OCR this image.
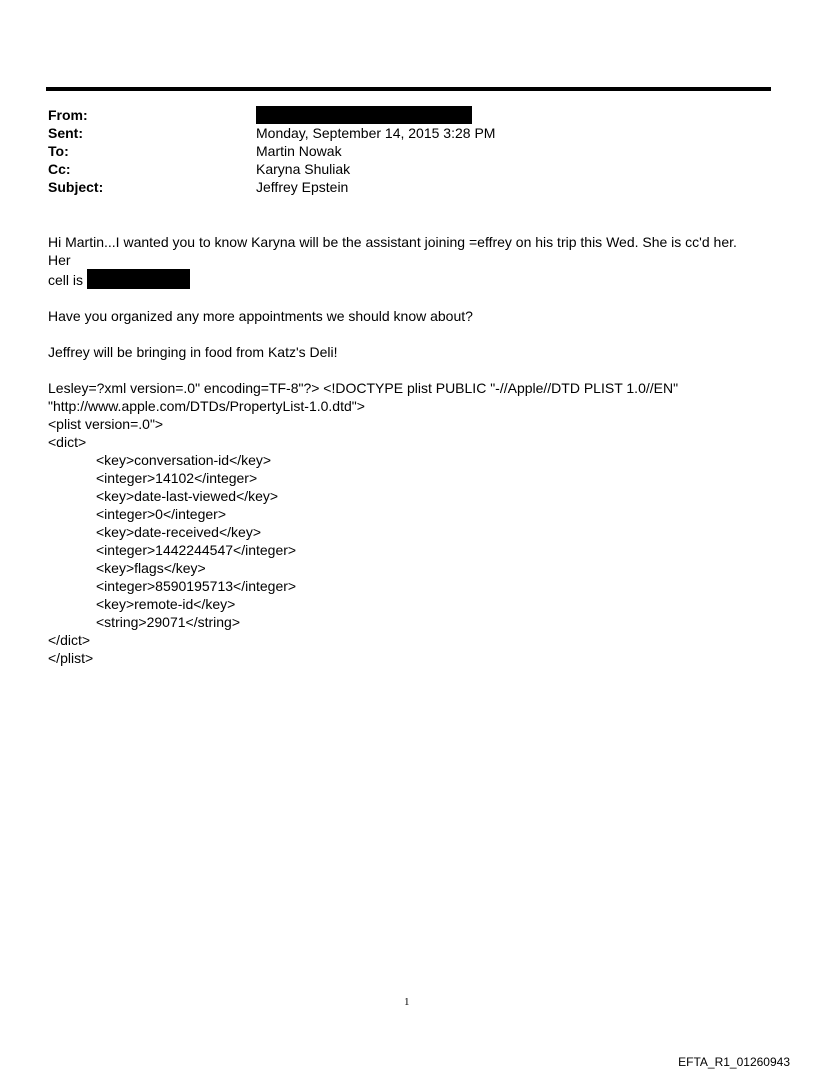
From:
Sent:	Monday, September 14, 2015 3:28 PM
To:	Martin Nowak
Cc:	Karyna Shuliak
Subject:	Jeffrey Epstein

Hi Martin...I wanted you to know Karyna will be the assistant joining =effrey on his trip this Wed. She is cc'd her. Her
cell is

Have you organized any more appointments we should know about?

Jeffrey will be bringing in food from Katz's Deli!

Lesley=?xml version=.0" encoding=TF-8"?> <!DOCTYPE plist PUBLIC "-//Apple//DTD PLIST 1.0//EN"
"http://www.apple.com/DTDs/PropertyList-1.0.dtd">
<plist version=.0">
<dict>
<key>conversation-id</key>
<integer>14102</integer>
<key>date-last-viewed</key>
<integer>0</integer>
<key>date-received</key>
<integer>1442244547</integer>
<key>flags</key>
<integer>8590195713</integer>
<key>remote-id</key>
<string>29071</string>
</dict>
</plist>
1
EFTA_R1_01260943
